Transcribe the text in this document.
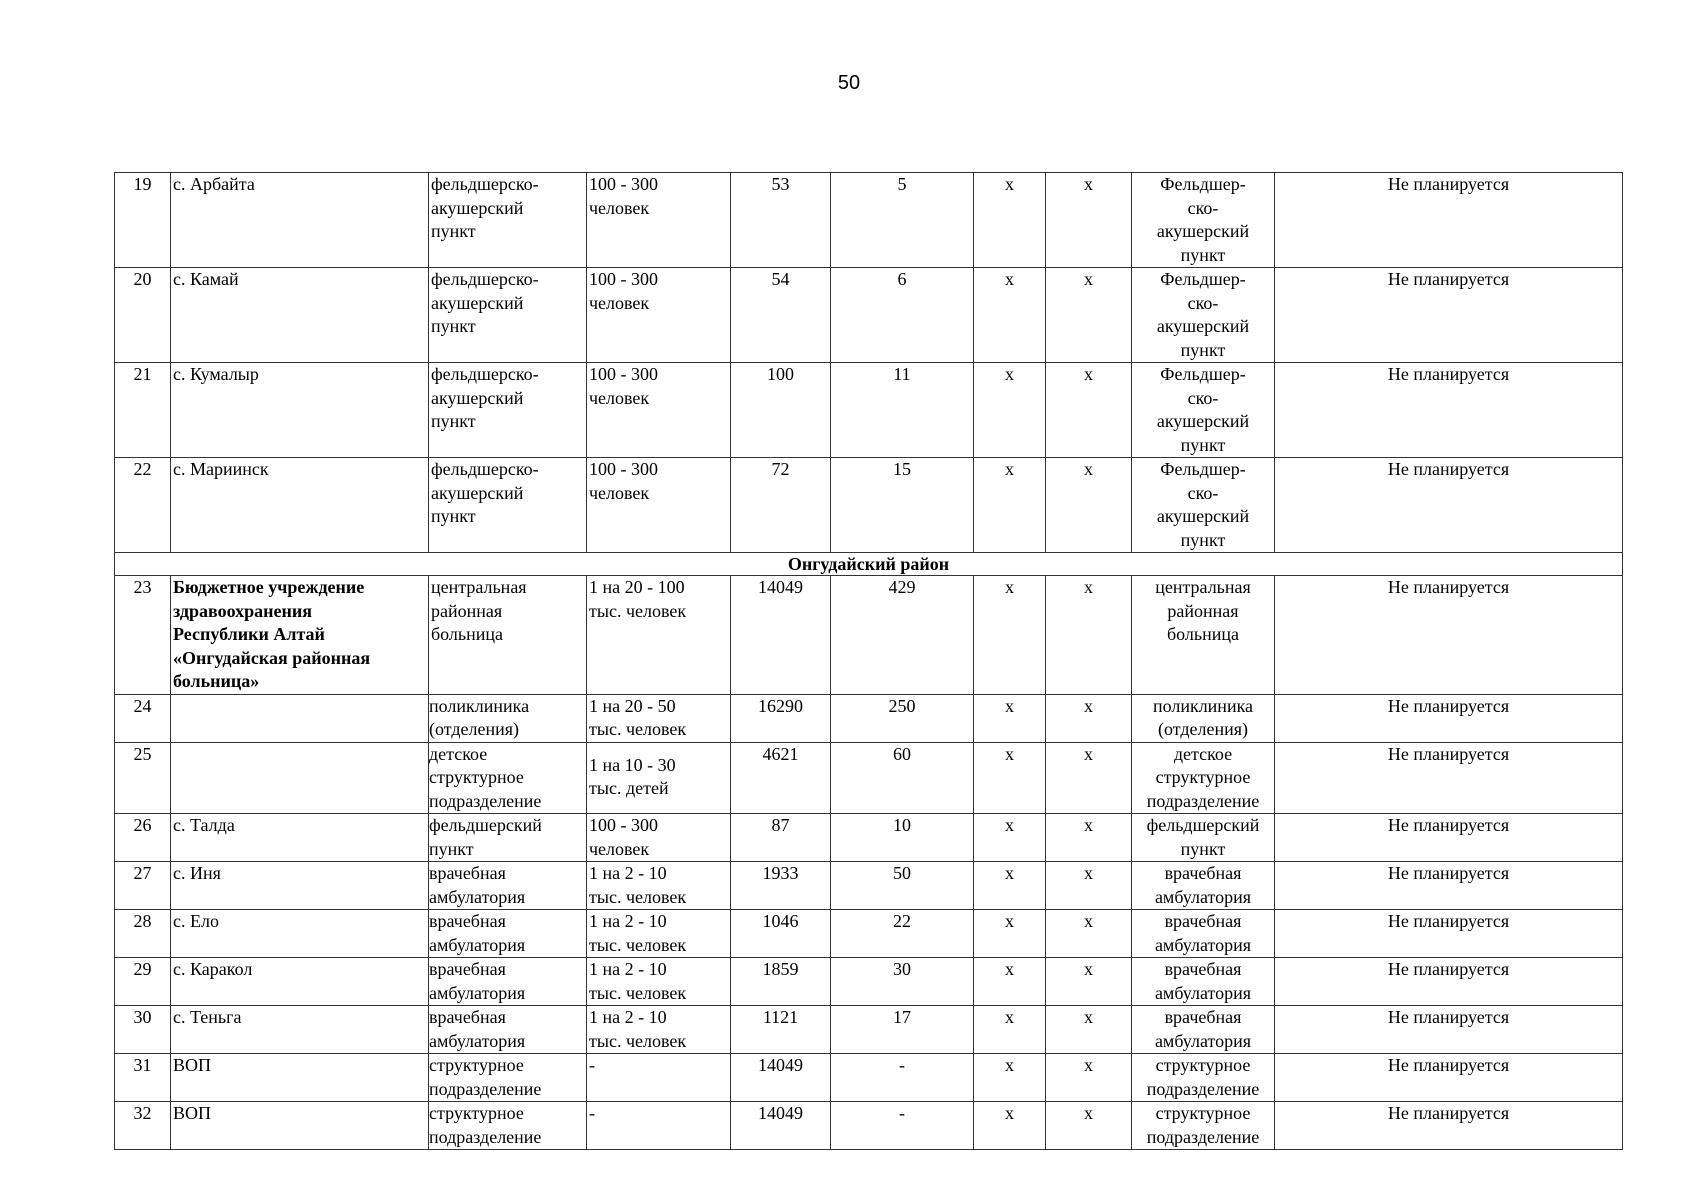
50
19	с. Арбайта	фельдшерско-
акушерский
пункт	100 - 300
человек	53	5	х	х	Фельдшер-
ско-
акушерский
пункт	Не планируется
20	с. Камай	фельдшерско-
акушерский
пункт	100 - 300
человек	54	6	х	х	Фельдшер-
ско-
акушерский
пункт	Не планируется
21	с. Кумалыр	фельдшерско-
акушерский
пункт	100 - 300
человек	100	11	х	х	Фельдшер-
ско-
акушерский
пункт	Не планируется
22	с. Мариинск	фельдшерско-
акушерский
пункт	100 - 300
человек	72	15	х	х	Фельдшер-
ско-
акушерский
пункт	Не планируется
Онгудайский район									
23	Бюджетное учреждение
здравоохранения
Республики Алтай
«Онгудайская районная
больница»	центральная
районная
больница	1 на 20 - 100
тыс. человек	14049	429	х	х	центральная
районная
больница	Не планируется
24		поликлиника
(отделения)	1 на 20 - 50
тыс. человек	16290	250	х	х	поликлиника
(отделения)	Не планируется
25		детское
структурное
подразделение	1 на 10 - 30
тыс. детей	4621	60	х	х	детское
структурное
подразделение	Не планируется
26	с. Талда	фельдшерский
пункт	100 - 300
человек	87	10	х	х	фельдшерский
пункт	Не планируется
27	с. Иня	врачебная
амбулатория	1 на 2 - 10
тыс. человек	1933	50	х	х	врачебная
амбулатория	Не планируется
28	с. Ело	врачебная
амбулатория	1 на 2 - 10
тыс. человек	1046	22	х	х	врачебная
амбулатория	Не планируется
29	с. Каракол	врачебная
амбулатория	1 на 2 - 10
тыс. человек	1859	30	х	х	врачебная
амбулатория	Не планируется
30	с. Теньга	врачебная
амбулатория	1 на 2 - 10
тыс. человек	1121	17	х	х	врачебная
амбулатория	Не планируется
31	ВОП	структурное
подразделение	-	14049	-	х	х	структурное
подразделение	Не планируется
32	ВОП	структурное
подразделение	-	14049	-	х	х	структурное
подразделение	Не планируется
